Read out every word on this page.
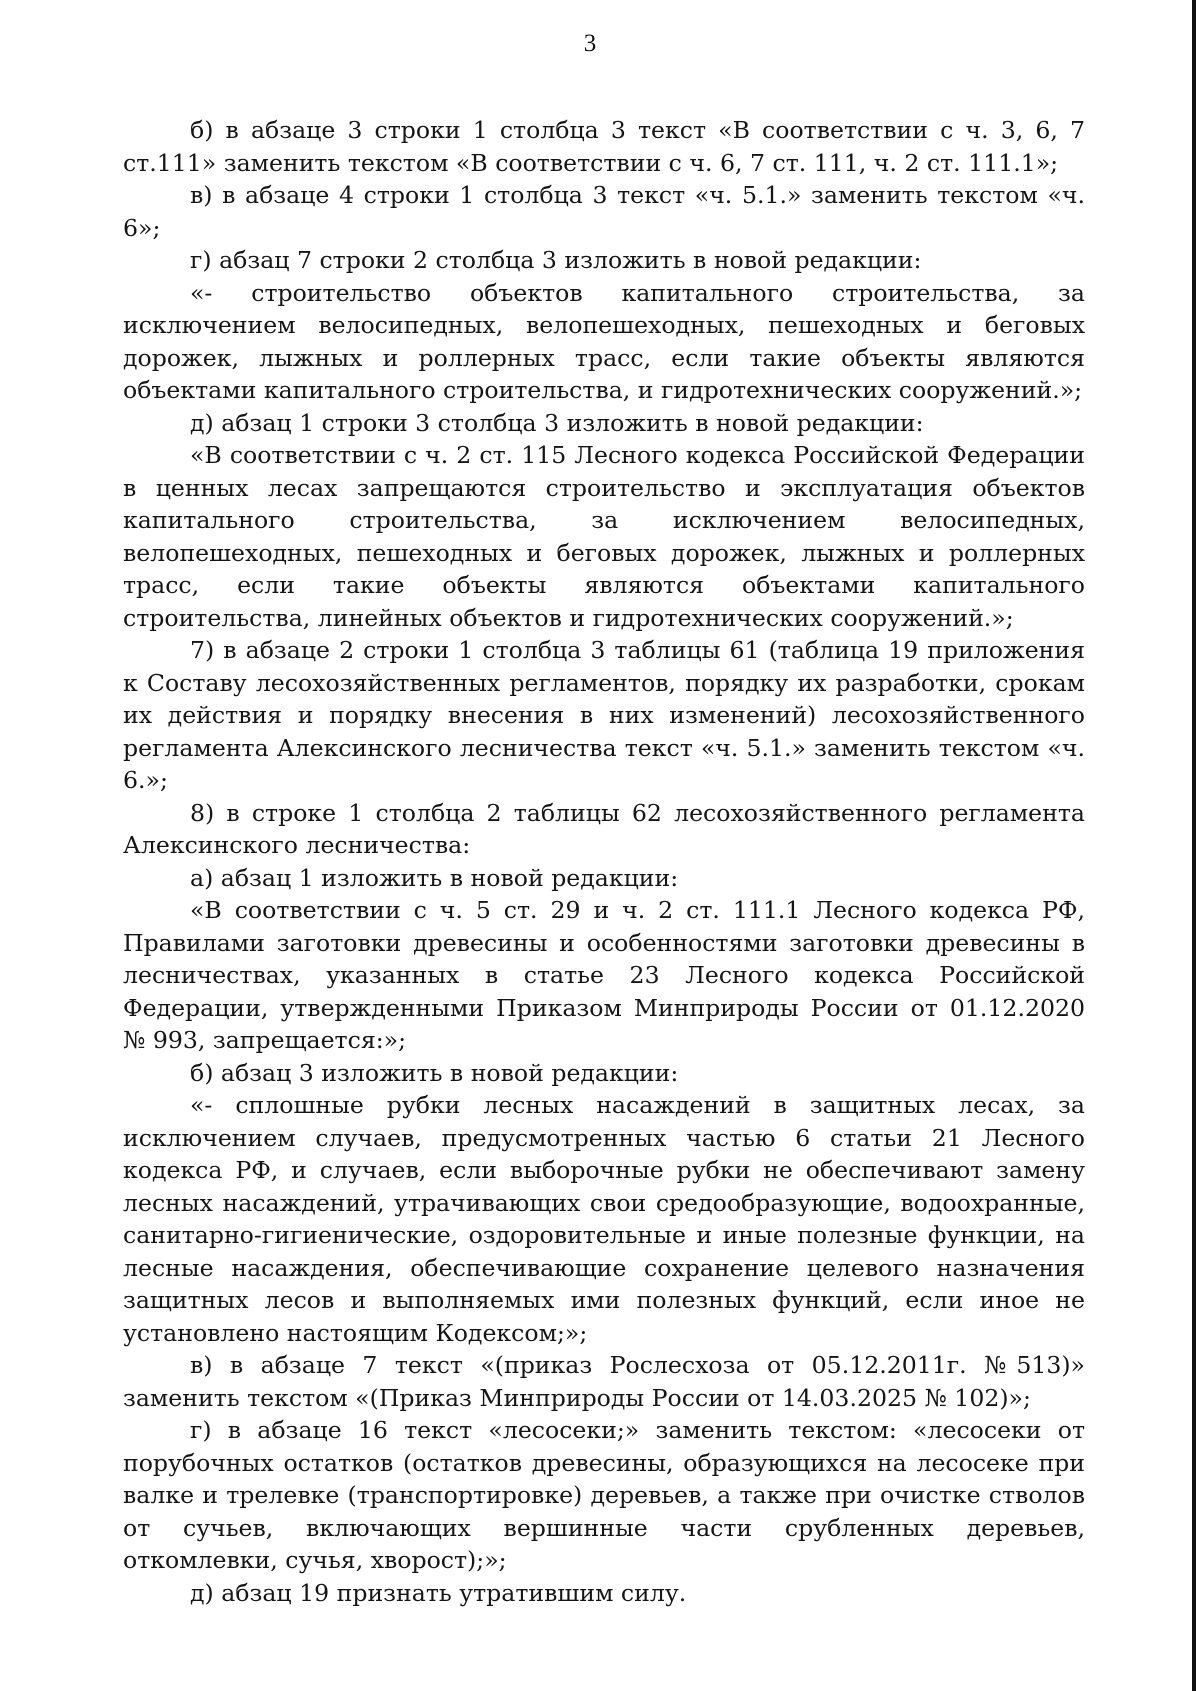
3

б) в абзаце 3 строки 1 столбца 3 текст «В соответствии с ч. 3, 6, 7 ст.111» заменить текстом «В соответствии с ч. 6, 7 ст. 111, ч. 2 ст. 111.1»;

в) в абзаце 4 строки 1 столбца 3 текст «ч. 5.1.» заменить текстом «ч. 6»;

г) абзац 7 строки 2 столбца 3 изложить в новой редакции:

«- строительство объектов капитального строительства, за исключением велосипедных, велопешеходных, пешеходных и беговых дорожек, лыжных и роллерных трасс, если такие объекты являются объектами капитального строительства, и гидротехнических сооружений.»;

д) абзац 1 строки 3 столбца 3 изложить в новой редакции:

«В соответствии с ч. 2 ст. 115 Лесного кодекса Российской Федерации в ценных лесах запрещаются строительство и эксплуатация объектов капитального строительства, за исключением велосипедных, велопешеходных, пешеходных и беговых дорожек, лыжных и роллерных трасс, если такие объекты являются объектами капитального строительства, линейных объектов и гидротехнических сооружений.»;

7) в абзаце 2 строки 1 столбца 3 таблицы 61 (таблица 19 приложения к Составу лесохозяйственных регламентов, порядку их разработки, срокам их действия и порядку внесения в них изменений) лесохозяйственного регламента Алексинского лесничества текст «ч. 5.1.» заменить текстом «ч. 6.»;

8) в строке 1 столбца 2 таблицы 62 лесохозяйственного регламента Алексинского лесничества:

а) абзац 1 изложить в новой редакции:

«В соответствии с ч. 5 ст. 29 и ч. 2 ст. 111.1 Лесного кодекса РФ, Правилами заготовки древесины и особенностями заготовки древесины в лесничествах, указанных в статье 23 Лесного кодекса Российской Федерации, утвержденными Приказом Минприроды России от 01.12.2020 № 993, запрещается:»;

б) абзац 3 изложить в новой редакции:

«- сплошные рубки лесных насаждений в защитных лесах, за исключением случаев, предусмотренных частью 6 статьи 21 Лесного кодекса РФ, и случаев, если выборочные рубки не обеспечивают замену лесных насаждений, утрачивающих свои средообразующие, водоохранные, санитарно-гигиенические, оздоровительные и иные полезные функции, на лесные насаждения, обеспечивающие сохранение целевого назначения защитных лесов и выполняемых ими полезных функций, если иное не установлено настоящим Кодексом;»;

в) в абзаце 7 текст «(приказ Рослесхоза от 05.12.2011г. №513)» заменить текстом «(Приказ Минприроды России от 14.03.2025 № 102)»;

г) в абзаце 16 текст «лесосеки;» заменить текстом: «лесосеки от порубочных остатков (остатков древесины, образующихся на лесосеке при валке и трелевке (транспортировке) деревьев, а также при очистке стволов от сучьев, включающих вершинные части срубленных деревьев, откомлевки, сучья, хворост);»;

д) абзац 19 признать утратившим силу.
